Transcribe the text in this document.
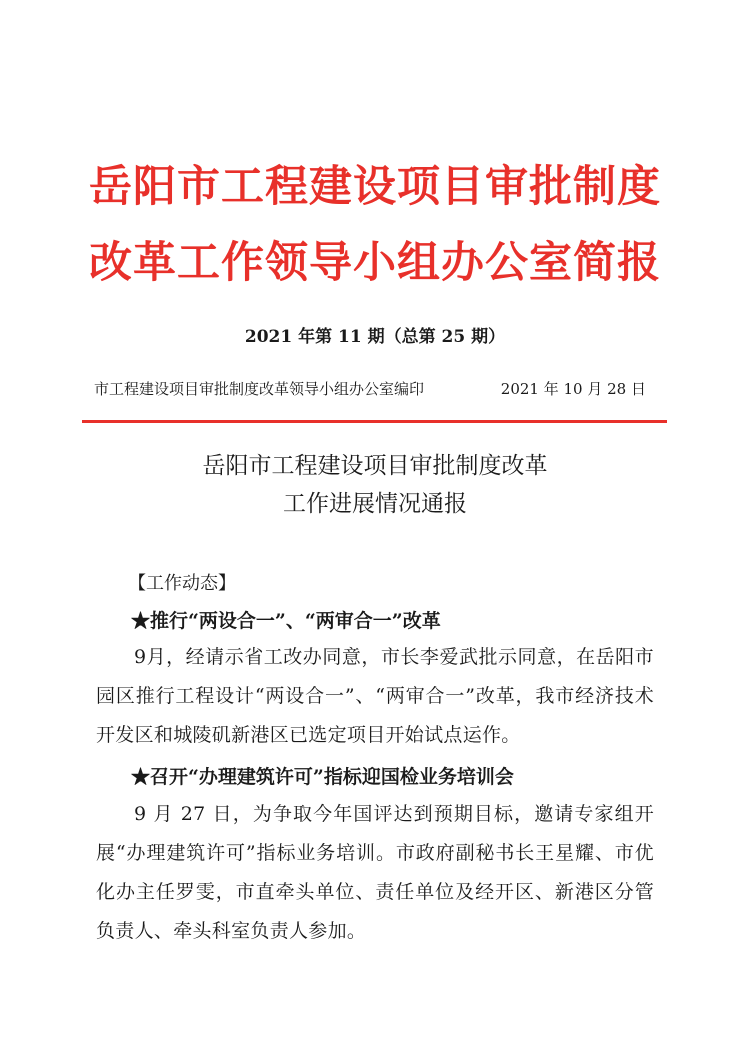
岳阳市工程建设项目审批制度
改革工作领导小组办公室简报
2021 年第 11 期（总第 25 期）
市工程建设项目审批制度改革领导小组办公室编印	2021 年 10 月 28 日
岳阳市工程建设项目审批制度改革
工作进展情况通报
【工作动态】
★推行“两设合一”、“两审合一”改革

9月，经请示省工改办同意，市长李爱武批示同意，在岳阳市园区推行工程设计“两设合一”、“两审合一”改革，我市经济技术开发区和城陵矶新港区已选定项目开始试点运作。

★召开“办理建筑许可”指标迎国检业务培训会

9 月 27 日，为争取今年国评达到预期目标，邀请专家组开展“办理建筑许可”指标业务培训。市政府副秘书长王星耀、市优化办主任罗雯，市直牵头单位、责任单位及经开区、新港区分管负责人、牵头科室负责人参加。
